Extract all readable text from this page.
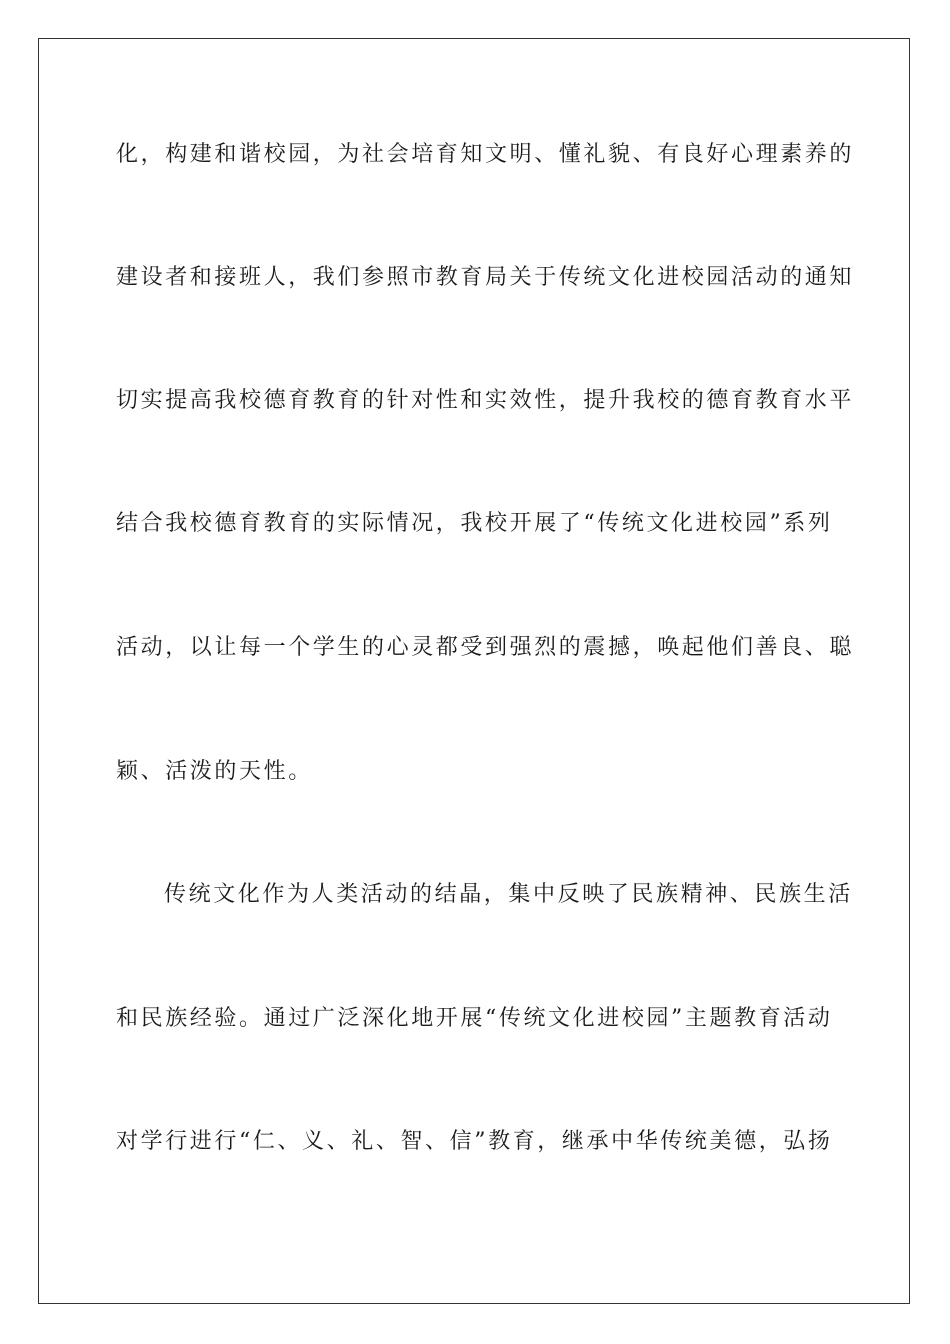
化，构建和谐校园，为社会培育知文明、懂礼貌、有良好心理素养的
建设者和接班人，我们参照市教育局关于传统文化进校园活动的通知
切实提高我校德育教育的针对性和实效性，提升我校的德育教育水平
结合我校德育教育的实际情况，我校开展了“传统文化进校园”系列
活动，以让每一个学生的心灵都受到强烈的震撼，唤起他们善良、聪
颖、活泼的天性。
传统文化作为人类活动的结晶，集中反映了民族精神、民族生活
和民族经验。通过广泛深化地开展“传统文化进校园”主题教育活动
对学行进行“仁、义、礼、智、信”教育，继承中华传统美德，弘扬
